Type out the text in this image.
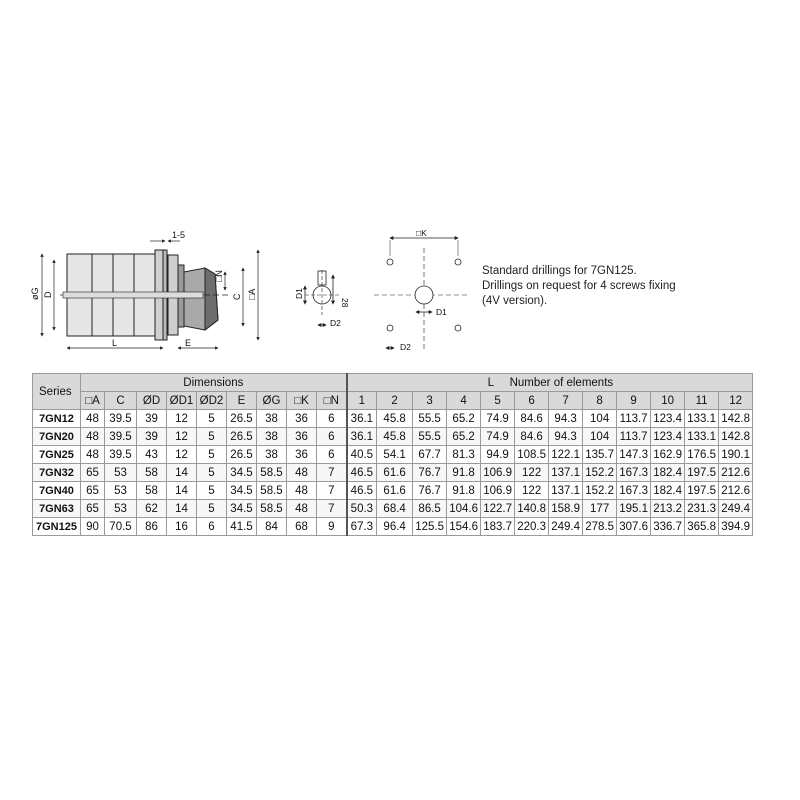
øG D
L
1-5
□N
C □A
E
D1
D2
28
□K
D1
D2
Standard drillings for 7GN125.
Drillings on request for 4 screws fixing
(4V version).
Series	Dimensions									L Number of elements											
	□A	C	ØD	ØD1	ØD2	E	ØG	□K	□N	1	2	3	4	5	6	7	8	9	10	11	12
7GN12	48	39.5	39	12	5	26.5	38	36	6	36.1	45.8	55.5	65.2	74.9	84.6	94.3	104	113.7	123.4	133.1	142.8
7GN20	48	39.5	39	12	5	26.5	38	36	6	36.1	45.8	55.5	65.2	74.9	84.6	94.3	104	113.7	123.4	133.1	142.8
7GN25	48	39.5	43	12	5	26.5	38	36	6	40.5	54.1	67.7	81.3	94.9	108.5	122.1	135.7	147.3	162.9	176.5	190.1
7GN32	65	53	58	14	5	34.5	58.5	48	7	46.5	61.6	76.7	91.8	106.9	122	137.1	152.2	167.3	182.4	197.5	212.6
7GN40	65	53	58	14	5	34.5	58.5	48	7	46.5	61.6	76.7	91.8	106.9	122	137.1	152.2	167.3	182.4	197.5	212.6
7GN63	65	53	62	14	5	34.5	58.5	48	7	50.3	68.4	86.5	104.6	122.7	140.8	158.9	177	195.1	213.2	231.3	249.4
7GN125	90	70.5	86	16	6	41.5	84	68	9	67.3	96.4	125.5	154.6	183.7	220.3	249.4	278.5	307.6	336.7	365.8	394.9
